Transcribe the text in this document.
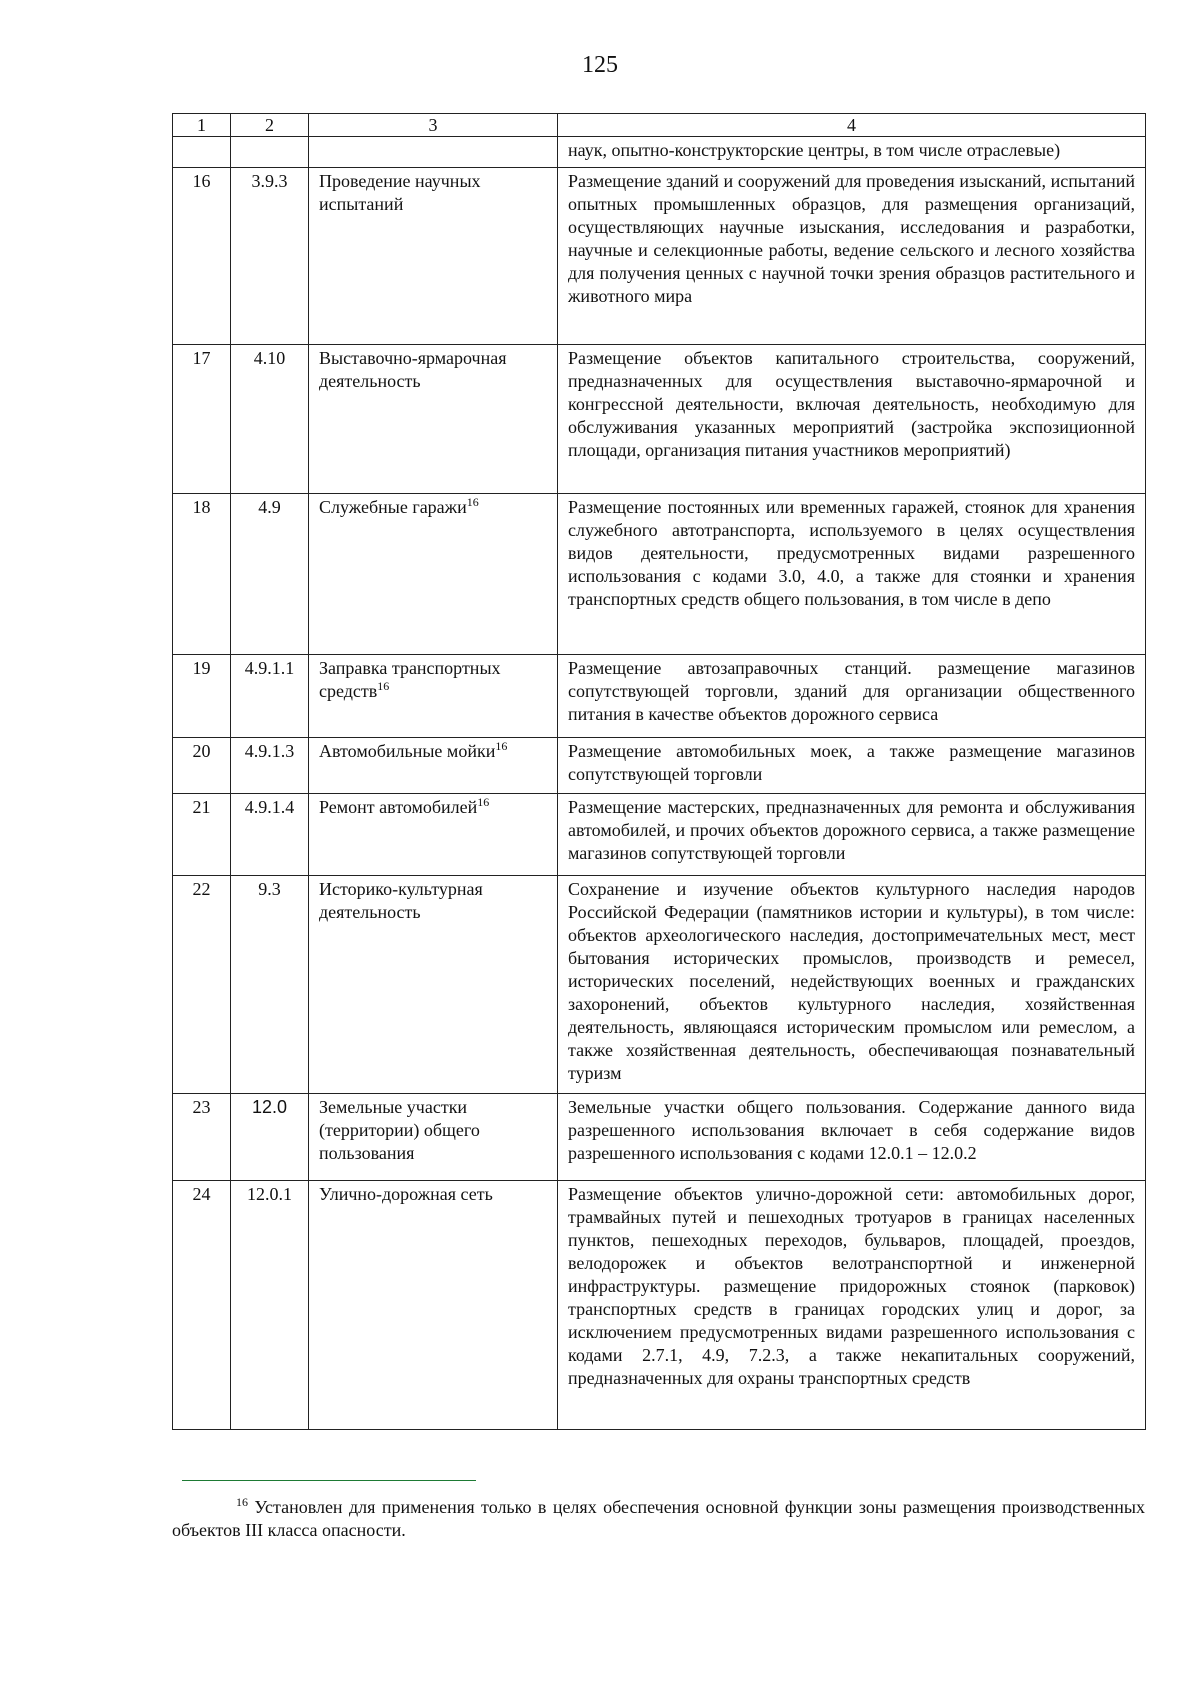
125
1	2	3	4
			наук, опытно-конструкторские центры, в том числе отраслевые)
16	3.9.3	Проведение научных испытаний	Размещение зданий и сооружений для проведения изысканий, испытаний опытных промышленных образцов, для размещения организаций, осуществляющих научные изыскания, исследования и разработки, научные и селекционные работы, ведение сельского и лесного хозяйства для получения ценных с научной точки зрения образцов растительного и животного мира
17	4.10	Выставочно-ярмарочная деятельность	Размещение объектов капитального строительства, сооружений, предназначенных для осуществления выставочно-ярмарочной и конгрессной деятельности, включая деятельность, необходимую для обслуживания указанных мероприятий (застройка экспозиционной площади, организация питания участников мероприятий)
18	4.9	Служебные гаражи$^{16}$	Размещение постоянных или временных гаражей, стоянок для хранения служебного автотранспорта, используемого в целях осуществления видов деятельности, предусмотренных видами разрешенного использования с кодами 3.0, 4.0, а также для стоянки и хранения транспортных средств общего пользования, в том числе в депо
19	4.9.1.1	Заправка транспортных средств$^{16}$	Размещение автозаправочных станций. размещение магазинов сопутствующей торговли, зданий для организации общественного питания в качестве объектов дорожного сервиса
20	4.9.1.3	Автомобильные мойки$^{16}$	Размещение автомобильных моек, а также размещение магазинов сопутствующей торговли
21	4.9.1.4	Ремонт автомобилей$^{16}$	Размещение мастерских, предназначенных для ремонта и обслуживания автомобилей, и прочих объектов дорожного сервиса, а также размещение магазинов сопутствующей торговли
22	9.3	Историко-культурная деятельность	Сохранение и изучение объектов культурного наследия народов Российской Федерации (памятников истории и культуры), в том числе: объектов археологического наследия, достопримечательных мест, мест бытования исторических промыслов, производств и ремесел, исторических поселений, недействующих военных и гражданских захоронений, объектов культурного наследия, хозяйственная деятельность, являющаяся историческим промыслом или ремеслом, а также хозяйственная деятельность, обеспечивающая познавательный туризм
23	12.0	Земельные участки (территории) общего пользования	Земельные участки общего пользования. Содержание данного вида разрешенного использования включает в себя содержание видов разрешенного использования с кодами 12.0.1 – 12.0.2
24	12.0.1	Улично-дорожная сеть	Размещение объектов улично-дорожной сети: автомобильных дорог, трамвайных путей и пешеходных тротуаров в границах населенных пунктов, пешеходных переходов, бульваров, площадей, проездов, велодорожек и объектов велотранспортной и инженерной инфраструктуры. размещение придорожных стоянок (парковок) транспортных средств в границах городских улиц и дорог, за исключением предусмотренных видами разрешенного использования с кодами 2.7.1, 4.9, 7.2.3, а также некапитальных сооружений, предназначенных для охраны транспортных средств
$^{16}$ Установлен для применения только в целях обеспечения основной функции зоны размещения производственных объектов III класса опасности.
